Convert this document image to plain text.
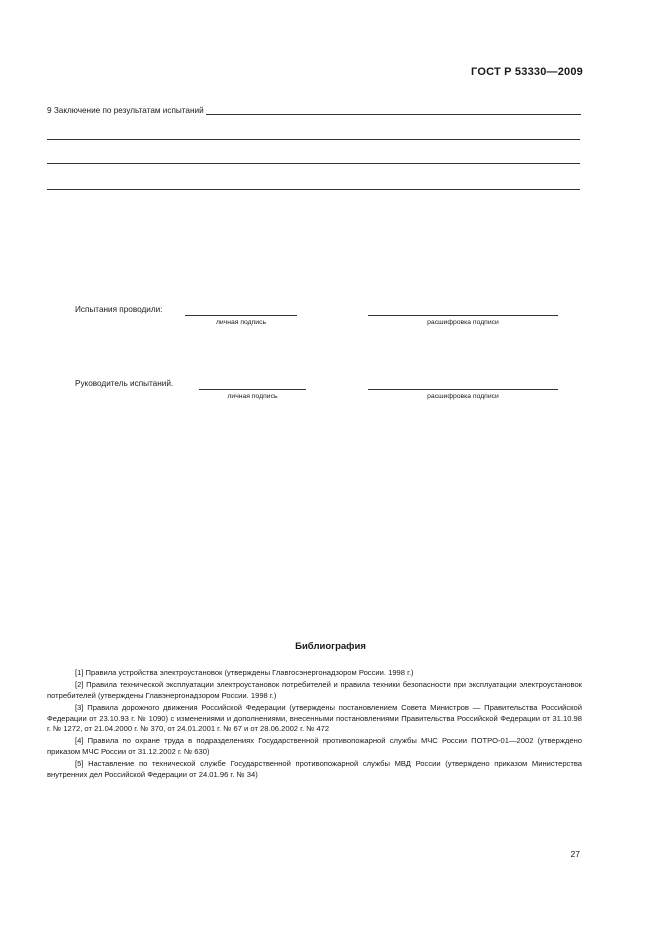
ГОСТ Р 53330—2009
9 Заключение по результатам испытаний
Испытания проводили:
личная подпись	расшифровка подписи
Руководитель испытаний.
личная подпись	расшифровка подписи
Библиография

[1] Правила устройства электроустановок (утверждены Главгосэнергонадзором России. 1998 г.)

[2] Правила технической эксплуатации электроустановок потребителей и правила техники безопасности при эксплуатации электроустановок потребителей (утверждены Главэнергонадзором России. 1998 г.)

[3] Правила дорожного движения Российской Федерации (утверждены постановлением Совета Министров — Правительства Российской Федерации от 23.10.93 г. № 1090) с изменениями и дополнениями, внесенными постановлениями Правительства Российской Федерации от 31.10.98 г. № 1272, от 21.04.2000 г. № 370, от 24.01.2001 г. № 67 и от 28.06.2002 г. № 472

[4] Правила по охране труда в подразделениях Государственной противопожарной службы МЧС России ПОТРО-01—2002 (утверждено приказом МЧС России от 31.12.2002 г. № 630)

[5] Наставление по технической службе Государственной противопожарной службы МВД России (утверждено приказом Министерства внутренних дел Российской Федерации от 24.01.96 г. № 34)

27
